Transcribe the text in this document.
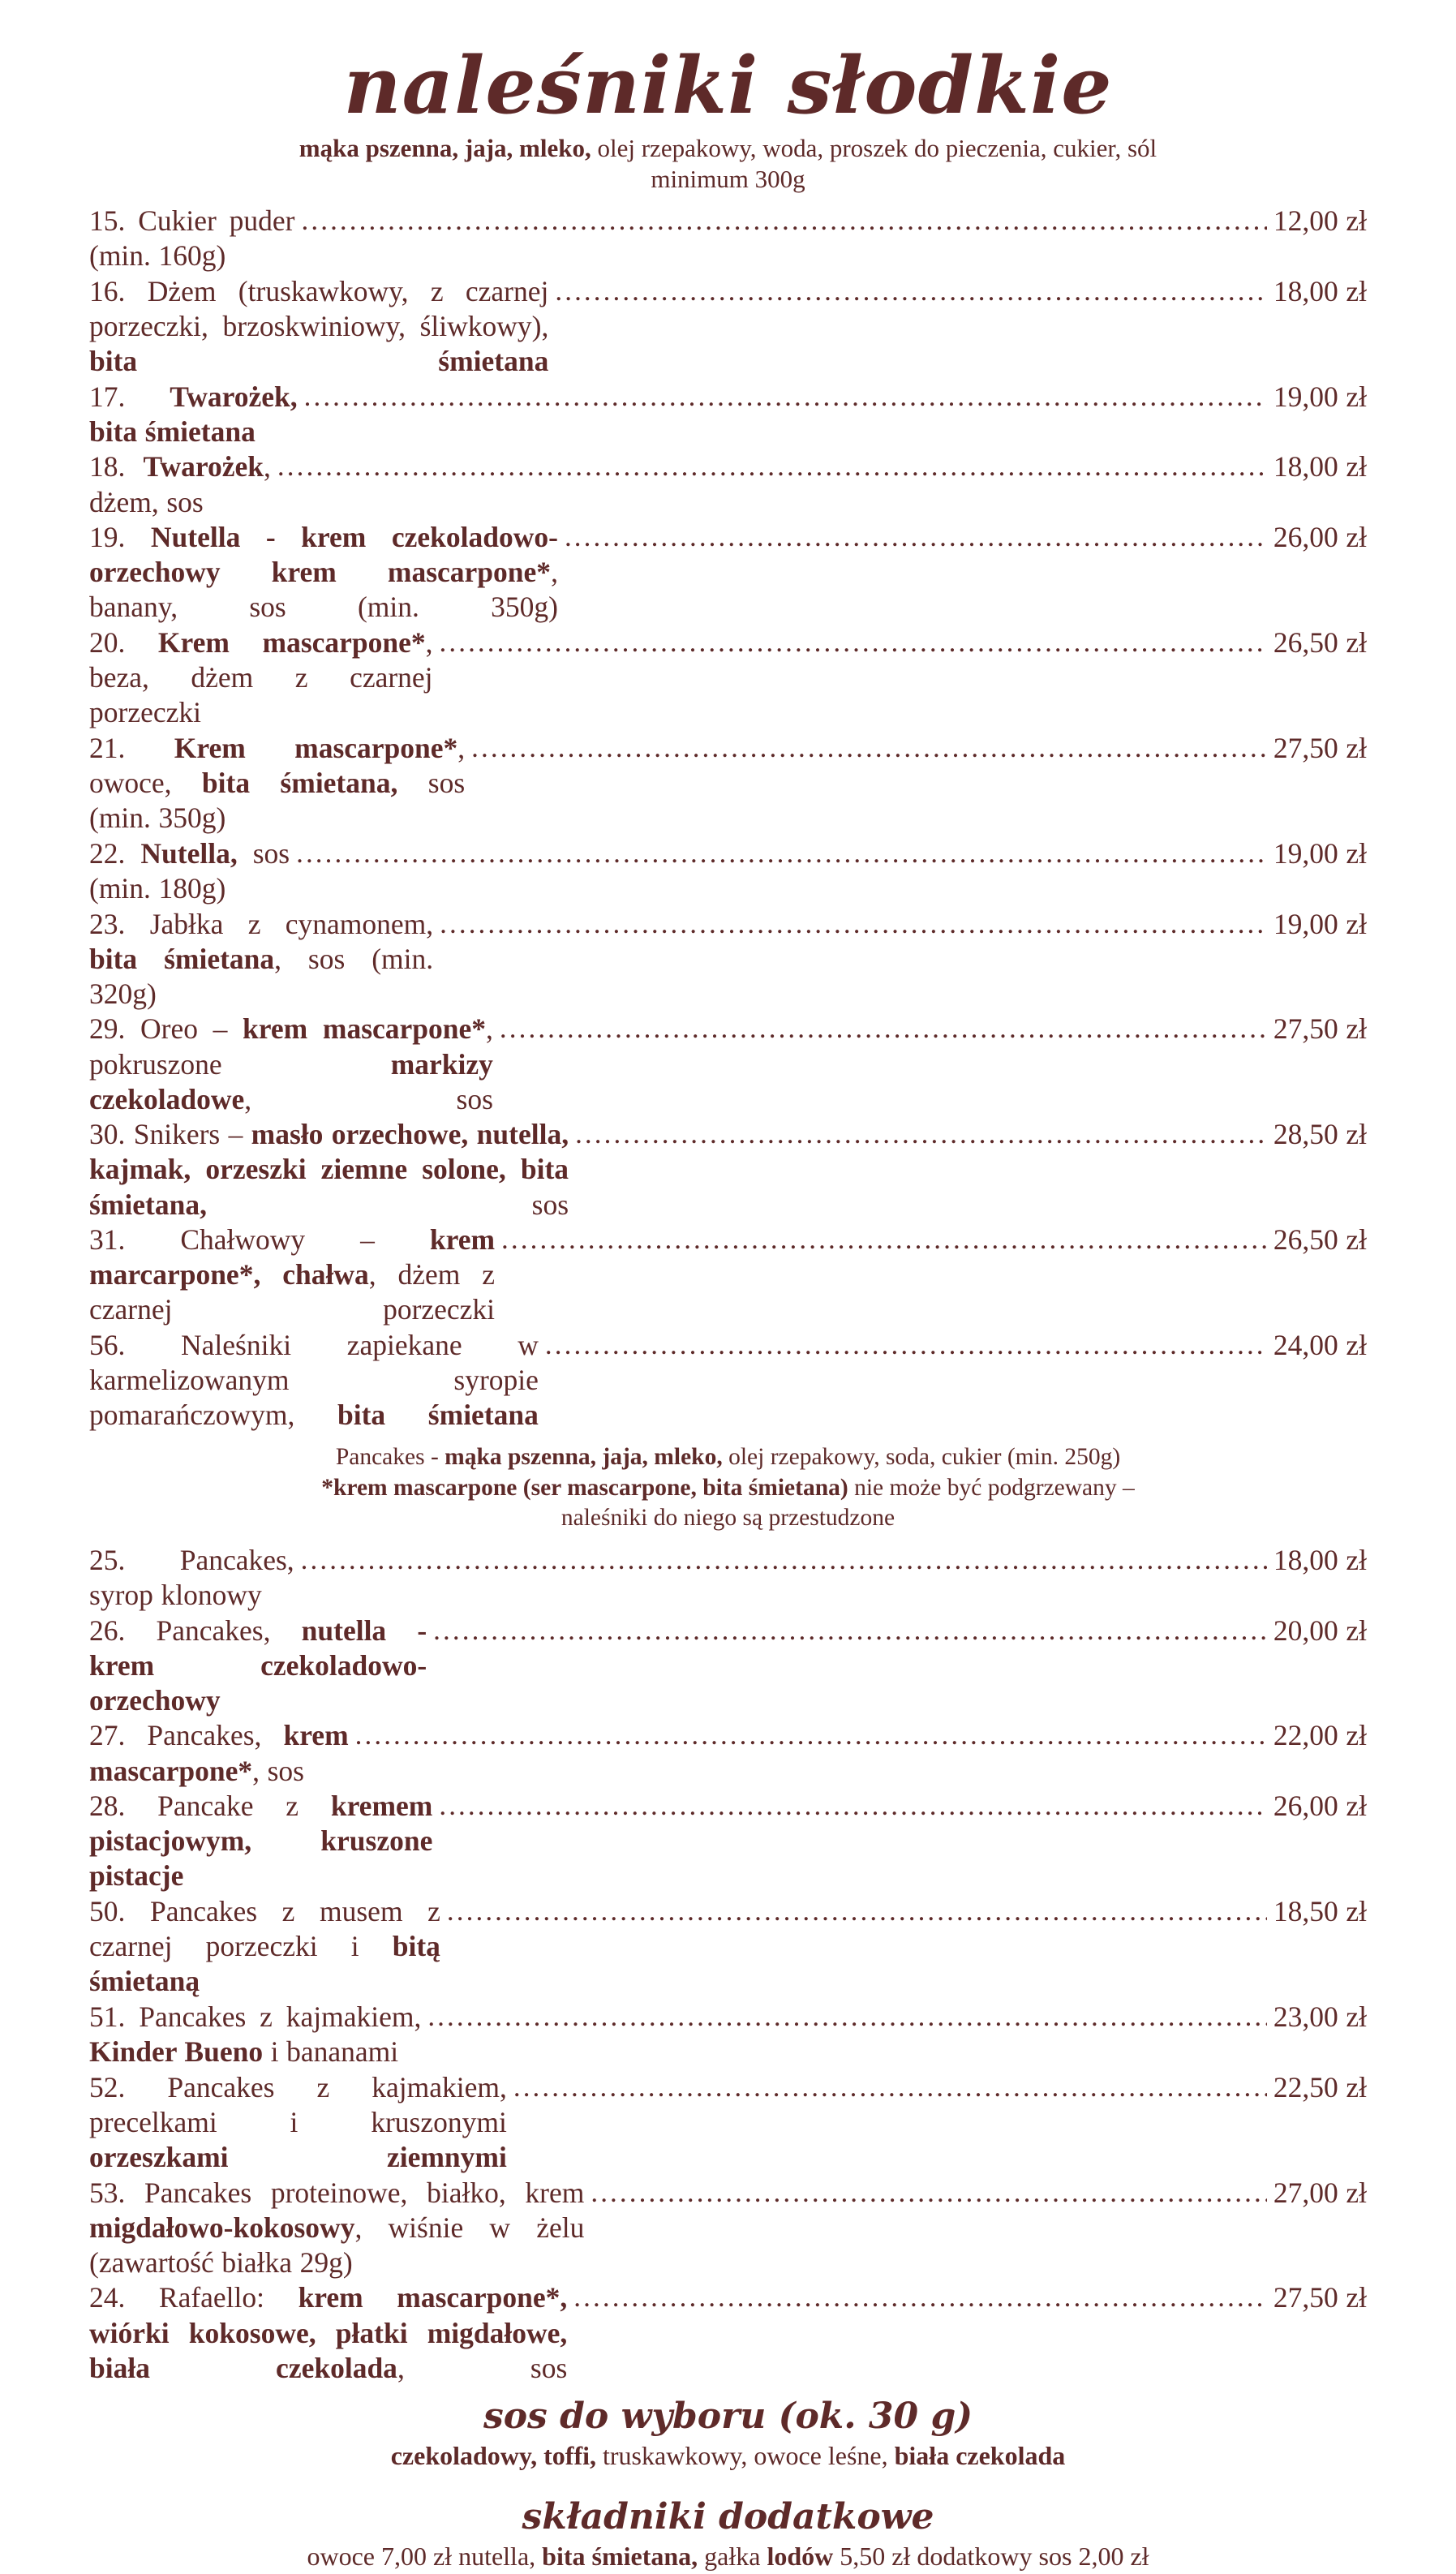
naleśniki słodkie
mąka pszenna, jaja, mleko, olej rzepakowy, woda, proszek do pieczenia, cukier, sól
minimum 300g
15. Cukier puder (min. 160g)
.....
12,00 zł
16. Dżem (truskawkowy, z czarnej porzeczki, brzoskwiniowy, śliwkowy), bita śmietana
.....
18,00 zł
17. Twarożek, bita śmietana
.....
19,00 zł
18. Twarożek, dżem, sos
.....
18,00 zł
19. Nutella - krem czekoladowo-orzechowy krem mascarpone*, banany, sos (min. 350g)
.....
26,00 zł
20. Krem mascarpone*, beza, dżem z czarnej porzeczki
.....
26,50 zł
21. Krem mascarpone*, owoce, bita śmietana, sos (min. 350g)
.....
27,50 zł
22. Nutella, sos (min. 180g)
.....
19,00 zł
23. Jabłka z cynamonem, bita śmietana, sos (min. 320g)
.....
19,00 zł
29. Oreo – krem mascarpone*, pokruszone markizy czekoladowe, sos
.....
27,50 zł
30. Snikers – masło orzechowe, nutella, kajmak, orzeszki ziemne solone, bita śmietana, sos
.....
28,50 zł
31. Chałwowy – krem marcarpone*, chałwa, dżem z czarnej porzeczki
.....
26,50 zł
56. Naleśniki zapiekane w karmelizowanym syropie pomarańczowym, bita śmietana
.....
24,00 zł
Pancakes - mąka pszenna, jaja, mleko, olej rzepakowy, soda, cukier (min. 250g)
*krem mascarpone (ser mascarpone, bita śmietana) nie może być podgrzewany –
naleśniki do niego są przestudzone
25. Pancakes, syrop klonowy
.....
18,00 zł
26. Pancakes, nutella - krem czekoladowo-orzechowy
.....
20,00 zł
27. Pancakes, krem mascarpone*, sos
.....
22,00 zł
28. Pancake z kremem pistacjowym, kruszone pistacje
.....
26,00 zł
50. Pancakes z musem z czarnej porzeczki i bitą śmietaną
.....
18,50 zł
51. Pancakes z kajmakiem, Kinder Bueno i bananami
.....
23,00 zł
52. Pancakes z kajmakiem, precelkami i kruszonymi orzeszkami ziemnymi
.....
22,50 zł
53. Pancakes proteinowe, białko, krem migdałowo-kokosowy, wiśnie w żelu (zawartość białka 29g)
.....
27,00 zł
24. Rafaello: krem mascarpone*, wiórki kokosowe, płatki migdałowe, biała czekolada, sos
.....
27,50 zł
sos do wyboru (ok. 30 g)
czekoladowy, toffi, truskawkowy, owoce leśne, biała czekolada
składniki dodatkowe
owoce 7,00 zł nutella, bita śmietana, gałka lodów 5,50 zł dodatkowy sos 2,00 zł
